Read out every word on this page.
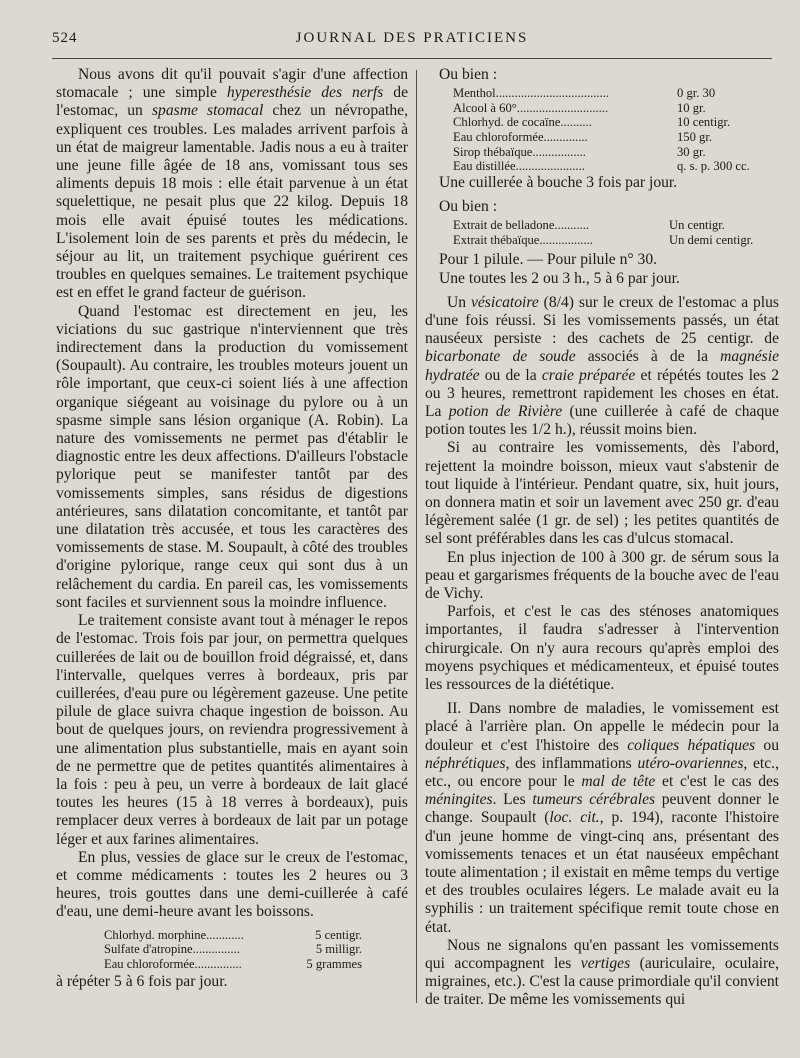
524	JOURNAL DES PRATICIENS

Nous avons dit qu'il pouvait s'agir d'une affection stomacale ; une simple hyperesthésie des nerfs de l'estomac, un spasme stomacal chez un névropathe, expliquent ces troubles. Les malades arrivent parfois à un état de maigreur lamentable. Jadis nous a eu à traiter une jeune fille âgée de 18 ans, vomissant tous ses aliments depuis 18 mois : elle était parvenue à un état squelettique, ne pesait plus que 22 kilog. Depuis 18 mois elle avait épuisé toutes les médications. L'isolement loin de ses parents et près du médecin, le séjour au lit, un traitement psychique guérirent ces troubles en quelques semaines. Le traitement psychique est en effet le grand facteur de guérison.

Quand l'estomac est directement en jeu, les viciations du suc gastrique n'interviennent que très indirectement dans la production du vomissement (Soupault). Au contraire, les troubles moteurs jouent un rôle important, que ceux-ci soient liés à une affection organique siégeant au voisinage du pylore ou à un spasme simple sans lésion organique (A. Robin). La nature des vomissements ne permet pas d'établir le diagnostic entre les deux affections. D'ailleurs l'obstacle pylorique peut se manifester tantôt par des vomissements simples, sans résidus de digestions antérieures, sans dilatation concomitante, et tantôt par une dilatation très accusée, et tous les caractères des vomissements de stase. M. Soupault, à côté des troubles d'origine pylorique, range ceux qui sont dus à un relâchement du cardia. En pareil cas, les vomissements sont faciles et surviennent sous la moindre influence.

Le traitement consiste avant tout à ménager le repos de l'estomac. Trois fois par jour, on permettra quelques cuillerées de lait ou de bouillon froid dégraissé, et, dans l'intervalle, quelques verres à bordeaux, pris par cuillerées, d'eau pure ou légèrement gazeuse. Une petite pilule de glace suivra chaque ingestion de boisson. Au bout de quelques jours, on reviendra progressivement à une alimentation plus substantielle, mais en ayant soin de ne permettre que de petites quantités alimentaires à la fois : peu à peu, un verre à bordeaux de lait glacé toutes les heures (15 à 18 verres à bordeaux), puis remplacer deux verres à bordeaux de lait par un potage léger et aux farines alimentaires.

En plus, vessies de glace sur le creux de l'estomac, et comme médicaments : toutes les 2 heures ou 3 heures, trois gouttes dans une demi-cuillerée à café d'eau, une demi-heure avant les boissons.

Chlorhyd. morphine............	5 centigr.
Sulfate d'atropine...............	5 milligr.
Eau chloroformée...............	5 grammes

à répéter 5 à 6 fois par jour.

Ou bien :

Menthol....................................	0 gr. 30
Alcool à 60°.............................	10 gr.
Chlorhyd. de cocaïne..........	10 centigr.
Eau chloroformée..............	150 gr.
Sirop thébaïque.................	30 gr.
Eau distillée......................	q. s. p. 300 cc.

Une cuillerée à bouche 3 fois par jour.

Ou bien :

Extrait de belladone...........	Un centigr.
Extrait thébaïque.................	Un demi centigr.

Pour 1 pilule. — Pour pilule n° 30.

Une toutes les 2 ou 3 h., 5 à 6 par jour.

Un vésicatoire (8/4) sur le creux de l'estomac a plus d'une fois réussi. Si les vomissements passés, un état nauséeux persiste : des cachets de 25 centigr. de bicarbonate de soude associés à de la magnésie hydratée ou de la craie préparée et répétés toutes les 2 ou 3 heures, remettront rapidement les choses en état. La potion de Rivière (une cuillerée à café de chaque potion toutes les 1/2 h.), réussit moins bien.

Si au contraire les vomissements, dès l'abord, rejettent la moindre boisson, mieux vaut s'abstenir de tout liquide à l'intérieur. Pendant quatre, six, huit jours, on donnera matin et soir un lavement avec 250 gr. d'eau légèrement salée (1 gr. de sel) ; les petites quantités de sel sont préférables dans les cas d'ulcus stomacal.

En plus injection de 100 à 300 gr. de sérum sous la peau et gargarismes fréquents de la bouche avec de l'eau de Vichy.

Parfois, et c'est le cas des sténoses anatomiques importantes, il faudra s'adresser à l'intervention chirurgicale. On n'y aura recours qu'après emploi des moyens psychiques et médicamenteux, et épuisé toutes les ressources de la diététique.

II. Dans nombre de maladies, le vomissement est placé à l'arrière plan. On appelle le médecin pour la douleur et c'est l'histoire des coliques hépatiques ou néphrétiques, des inflammations utéro-ovariennes, etc., etc., ou encore pour le mal de tête et c'est le cas des méningites. Les tumeurs cérébrales peuvent donner le change. Soupault (loc. cit., p. 194), raconte l'histoire d'un jeune homme de vingt-cinq ans, présentant des vomissements tenaces et un état nauséeux empêchant toute alimentation ; il existait en même temps du vertige et des troubles oculaires légers. Le malade avait eu la syphilis : un traitement spécifique remit toute chose en état.

Nous ne signalons qu'en passant les vomissements qui accompagnent les vertiges (auriculaire, oculaire, migraines, etc.). C'est la cause primordiale qu'il convient de traiter. De même les vomissements qui
